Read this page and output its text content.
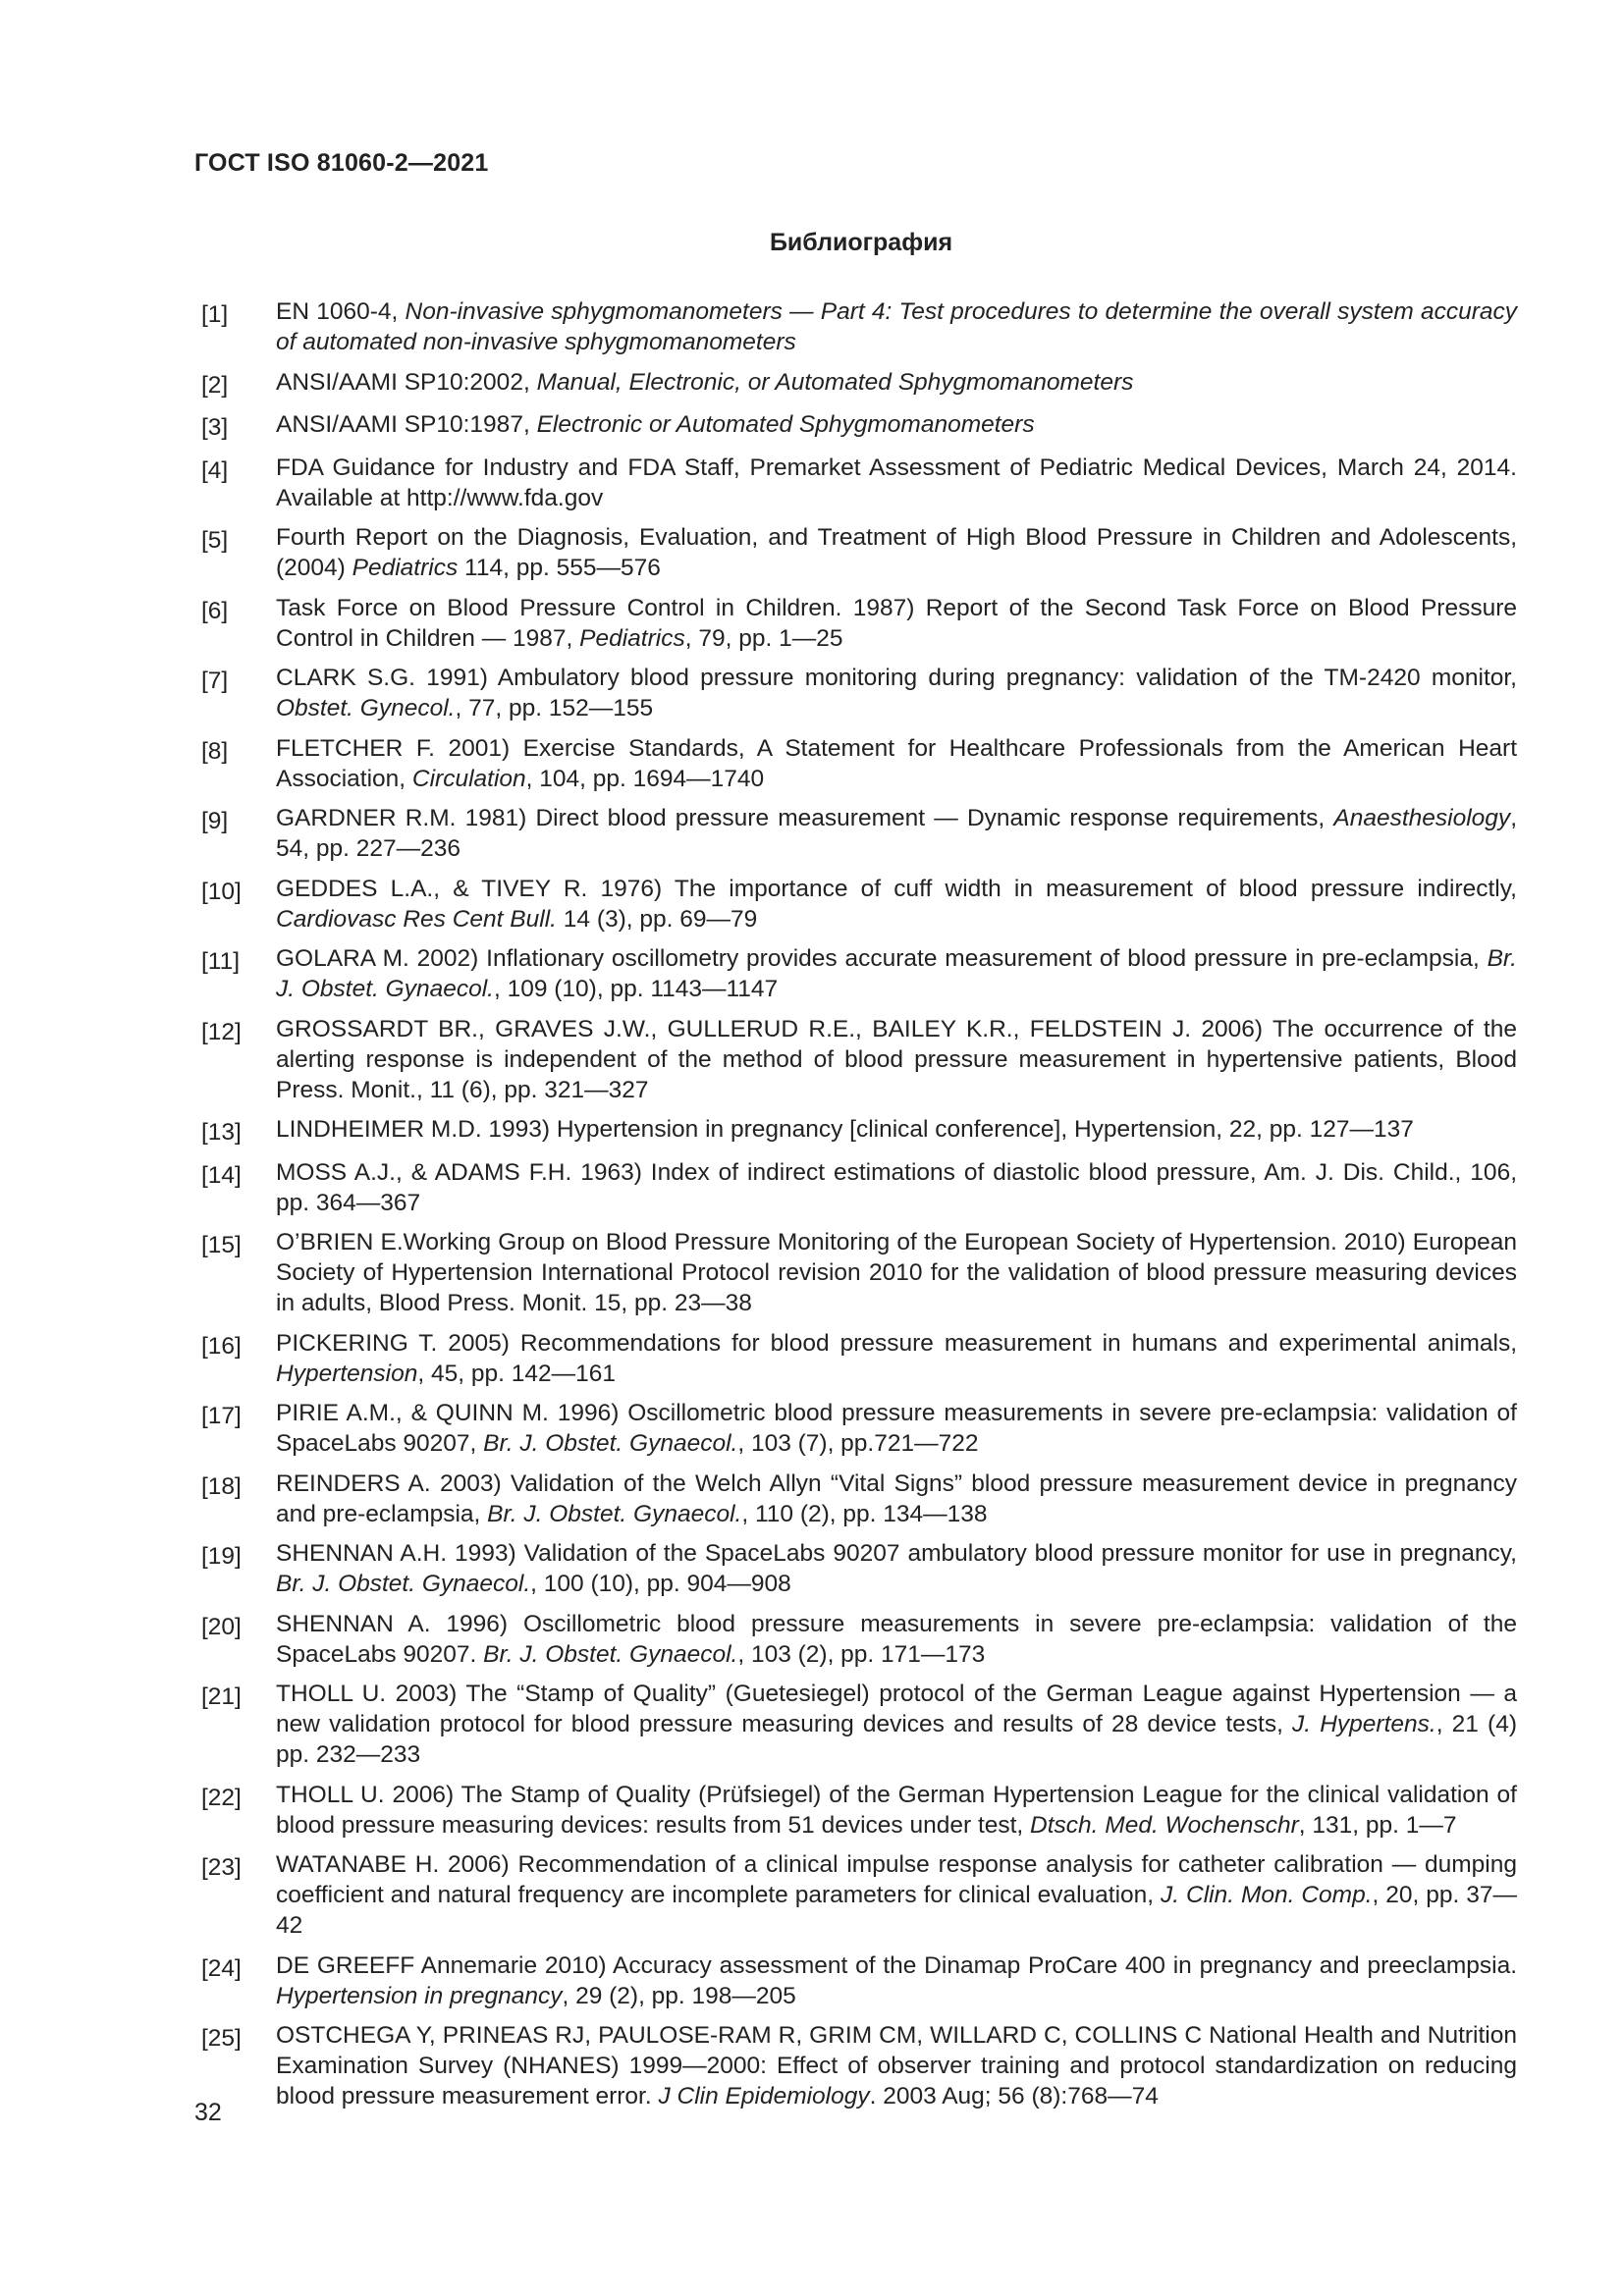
ГОСТ ISO 81060-2—2021
Библиография
[1]	EN 1060-4, Non-invasive sphygmomanometers — Part 4: Test procedures to determine the overall system accuracy of automated non-invasive sphygmomanometers
[2]	ANSI/AAMI SP10:2002, Manual, Electronic, or Automated Sphygmomanometers
[3]	ANSI/AAMI SP10:1987, Electronic or Automated Sphygmomanometers
[4]	FDA Guidance for Industry and FDA Staff, Premarket Assessment of Pediatric Medical Devices, March 24, 2014. Available at http://www.fda.gov
[5]	Fourth Report on the Diagnosis, Evaluation, and Treatment of High Blood Pressure in Children and Adolescents, (2004) Pediatrics 114, pp. 555—576
[6]	Task Force on Blood Pressure Control in Children. 1987) Report of the Second Task Force on Blood Pressure Control in Children — 1987, Pediatrics, 79, pp. 1—25
[7]	CLARK S.G. 1991) Ambulatory blood pressure monitoring during pregnancy: validation of the TM-2420 monitor, Obstet. Gynecol., 77, pp. 152—155
[8]	FLETCHER F. 2001) Exercise Standards, A Statement for Healthcare Professionals from the American Heart Association, Circulation, 104, pp. 1694—1740
[9]	GARDNER R.M. 1981) Direct blood pressure measurement — Dynamic response requirements, Anaesthesiology, 54, pp. 227—236
[10]	GEDDES L.A., & TIVEY R. 1976) The importance of cuff width in measurement of blood pressure indirectly, Cardiovasc Res Cent Bull. 14 (3), pp. 69—79
[11]	GOLARA M. 2002) Inflationary oscillometry provides accurate measurement of blood pressure in pre-eclampsia, Br. J. Obstet. Gynaecol., 109 (10), pp. 1143—1147
[12]	GROSSARDT BR., GRAVES J.W., GULLERUD R.E., BAILEY K.R., FELDSTEIN J. 2006) The occurrence of the alerting response is independent of the method of blood pressure measurement in hypertensive patients, Blood Press. Monit., 11 (6), pp. 321—327
[13]	LINDHEIMER M.D. 1993) Hypertension in pregnancy [clinical conference], Hypertension, 22, pp. 127—137
[14]	MOSS A.J., & ADAMS F.H. 1963) Index of indirect estimations of diastolic blood pressure, Am. J. Dis. Child., 106, pp. 364—367
[15]	O’BRIEN E.Working Group on Blood Pressure Monitoring of the European Society of Hypertension. 2010) European Society of Hypertension International Protocol revision 2010 for the validation of blood pressure measuring devices in adults, Blood Press. Monit. 15, pp. 23—38
[16]	PICKERING T. 2005) Recommendations for blood pressure measurement in humans and experimental animals, Hypertension, 45, pp. 142—161
[17]	PIRIE A.M., & QUINN M. 1996) Oscillometric blood pressure measurements in severe pre-eclampsia: validation of SpaceLabs 90207, Br. J. Obstet. Gynaecol., 103 (7), pp.721—722
[18]	REINDERS A. 2003) Validation of the Welch Allyn “Vital Signs” blood pressure measurement device in pregnancy and pre-eclampsia, Br. J. Obstet. Gynaecol., 110 (2), pp. 134—138
[19]	SHENNAN A.H. 1993) Validation of the SpaceLabs 90207 ambulatory blood pressure monitor for use in pregnancy, Br. J. Obstet. Gynaecol., 100 (10), pp. 904—908
[20]	SHENNAN A. 1996) Oscillometric blood pressure measurements in severe pre-eclampsia: validation of the SpaceLabs 90207. Br. J. Obstet. Gynaecol., 103 (2), pp. 171—173
[21]	THOLL U. 2003) The “Stamp of Quality” (Guetesiegel) protocol of the German League against Hypertension — a new validation protocol for blood pressure measuring devices and results of 28 device tests, J. Hypertens., 21 (4) pp. 232—233
[22]	THOLL U. 2006) The Stamp of Quality (Prüfsiegel) of the German Hypertension League for the clinical validation of blood pressure measuring devices: results from 51 devices under test, Dtsch. Med. Wochenschr, 131, pp. 1—7
[23]	WATANABE H. 2006) Recommendation of a clinical impulse response analysis for catheter calibration — dumping coefficient and natural frequency are incomplete parameters for clinical evaluation, J. Clin. Mon. Comp., 20, pp. 37—42
[24]	DE GREEFF Annemarie 2010) Accuracy assessment of the Dinamap ProCare 400 in pregnancy and preeclampsia. Hypertension in pregnancy, 29 (2), pp. 198—205
[25]	OSTCHEGA Y, PRINEAS RJ, PAULOSE-RAM R, GRIM CM, WILLARD C, COLLINS C National Health and Nutrition Examination Survey (NHANES) 1999—2000: Effect of observer training and protocol standardization on reducing blood pressure measurement error. J Clin Epidemiology. 2003 Aug; 56 (8):768—74
32
